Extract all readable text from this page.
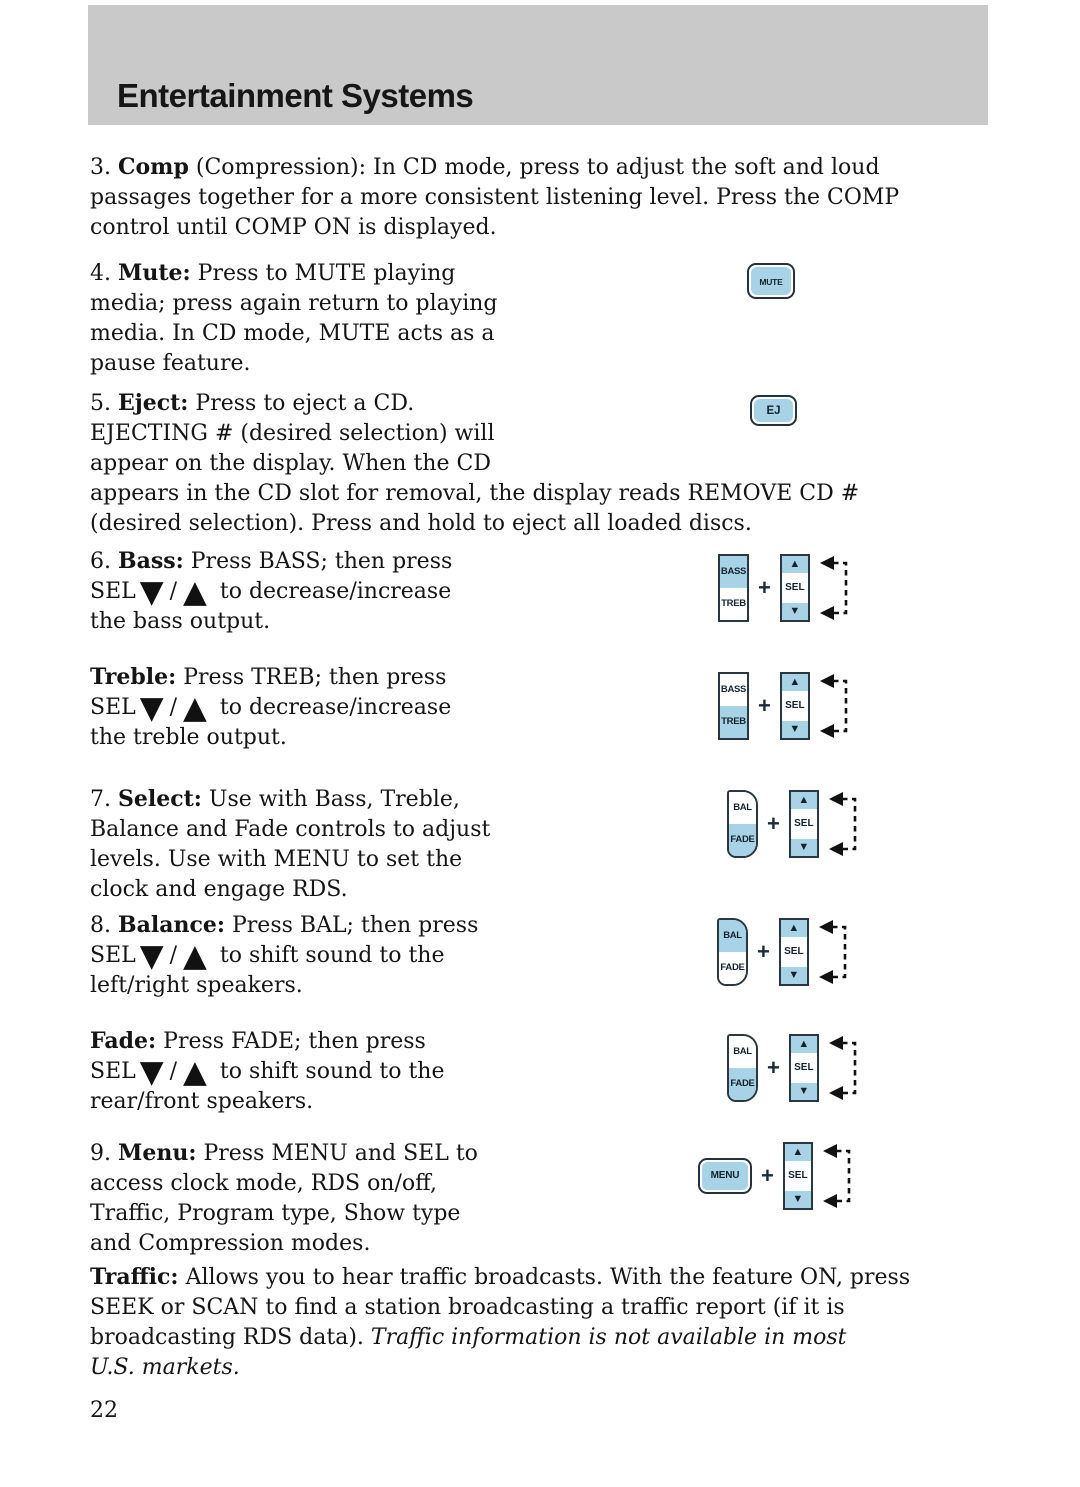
Entertainment Systems
3. Comp (Compression): In CD mode, press to adjust the soft and loud
passages together for a more consistent listening level. Press the COMP
control until COMP ON is displayed.
4. Mute: Press to MUTE playing
media; press again return to playing
media. In CD mode, MUTE acts as a
pause feature.
MUTE
5. Eject: Press to eject a CD.
EJECTING # (desired selection) will
appear on the display. When the CD
appears in the CD slot for removal, the display reads REMOVE CD #
(desired selection). Press and hold to eject all loaded discs.
EJ
6. Bass: Press BASS; then press
SEL ▼ / ▲ to decrease/increase
the bass output.
BASS
TREB
+
▲
SEL
▼
Treble: Press TREB; then press
SEL ▼ / ▲ to decrease/increase
the treble output.
BASS
TREB
+
▲
SEL
▼
7. Select: Use with Bass, Treble,
Balance and Fade controls to adjust
levels. Use with MENU to set the
clock and engage RDS.
BAL
FADE
+
▲
SEL
▼
8. Balance: Press BAL; then press
SEL ▼ / ▲ to shift sound to the
left/right speakers.
BAL
FADE
+
▲
SEL
▼
Fade: Press FADE; then press
SEL ▼ / ▲ to shift sound to the
rear/front speakers.
BAL
FADE
+
▲
SEL
▼
9. Menu: Press MENU and SEL to
access clock mode, RDS on/off,
Traffic, Program type, Show type
and Compression modes.
MENU +
▲
SEL
▼
Traffic: Allows you to hear traffic broadcasts. With the feature ON, press
SEEK or SCAN to find a station broadcasting a traffic report (if it is
broadcasting RDS data). Traffic information is not available in most
U.S. markets.
22
